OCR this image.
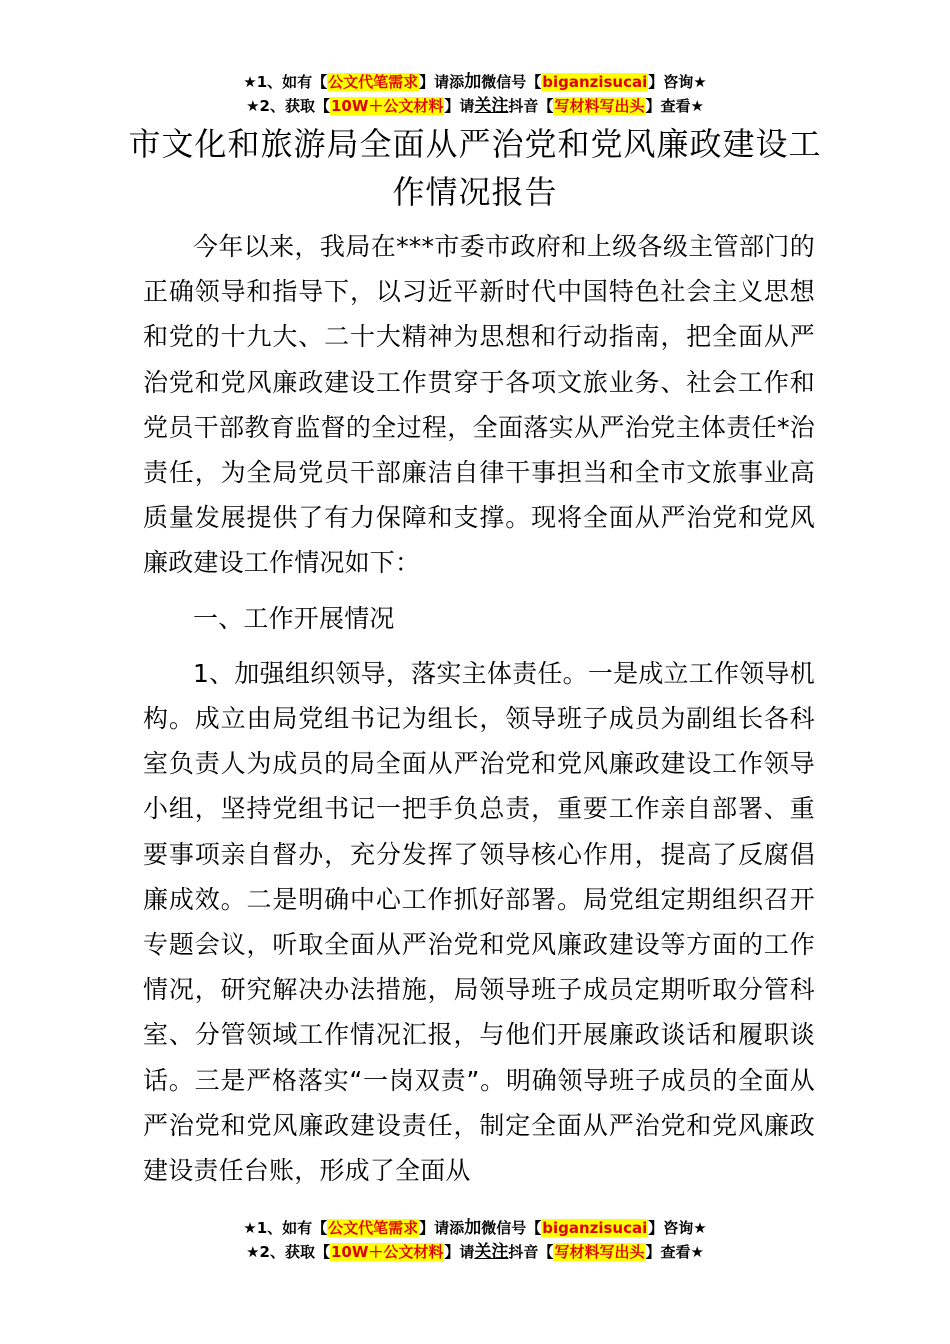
★1、如有【公文代笔需求】请添加微信号【biganzisucai】咨询★
★2、获取【10W＋公文材料】请关注抖音【写材料写出头】查看★
市文化和旅游局全面从严治党和党风廉政建设工作情况报告

今年以来，我局在***市委市政府和上级各级主管部门的正确领导和指导下，以习近平新时代中国特色社会主义思想和党的十九大、二十大精神为思想和行动指南，把全面从严治党和党风廉政建设工作贯穿于各项文旅业务、社会工作和党员干部教育监督的全过程，全面落实从严治党主体责任*治责任，为全局党员干部廉洁自律干事担当和全市文旅事业高质量发展提供了有力保障和支撑。现将全面从严治党和党风廉政建设工作情况如下：

一、工作开展情况

1、加强组织领导，落实主体责任。一是成立工作领导机构。成立由局党组书记为组长，领导班子成员为副组长各科室负责人为成员的局全面从严治党和党风廉政建设工作领导小组，坚持党组书记一把手负总责，重要工作亲自部署、重要事项亲自督办，充分发挥了领导核心作用，提高了反腐倡廉成效。二是明确中心工作抓好部署。局党组定期组织召开专题会议，听取全面从严治党和党风廉政建设等方面的工作情况，研究解决办法措施，局领导班子成员定期听取分管科室、分管领域工作情况汇报，与他们开展廉政谈话和履职谈话。三是严格落实“一岗双责”。明确领导班子成员的全面从严治党和党风廉政建设责任，制定全面从严治党和党风廉政建设责任台账，形成了全面从

★1、如有【公文代笔需求】请添加微信号【biganzisucai】咨询★
★2、获取【10W＋公文材料】请关注抖音【写材料写出头】查看★
